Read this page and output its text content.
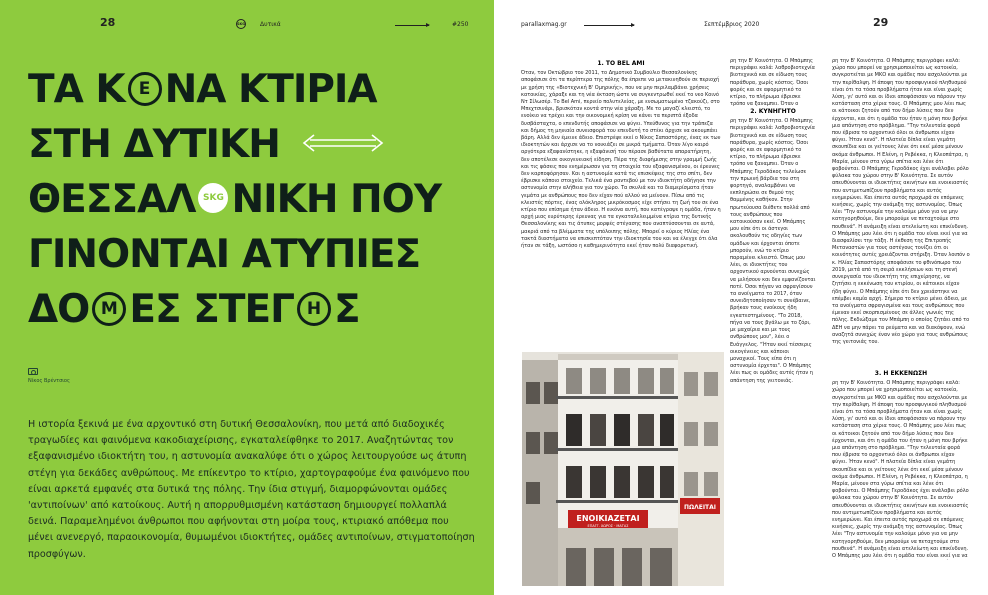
28	SKG Δυτικά	#250
ΤΑ Κ Ε ΝΑ ΚΤΙΡΙΑ
ΣΤΗ ΔΥΤΙΚΗ
ΘΕΣΣΑΛ SKG ΝΙΚΗ ΠΟΥ
ΓΙΝΟΝΤΑΙ ΑΤΥΠΙΕΣ
ΔΟ Μ ΕΣ ΣΤΕΓ Η Σ
Νίκος Βρέντσιος

Η ιστορία ξεκινά με ένα αρχοντικό στη δυτική Θεσσαλονίκη, που μετά από διαδοχικές τραγωδίες και φαινόμενα κακοδιαχείρισης, εγκαταλείφθηκε το 2017. Αναζητώντας τον εξαφανισμένο ιδιοκτήτη του, η αστυνομία ανακαλύφε ότι ο χώρος λειτουργούσε ως άτυπη στέγη για δεκάδες ανθρώπους. Με επίκεντρο το κτίριο, χαρτογραφούμε ένα φαινόμενο που είναι αρκετά εμφανές στα δυτικά της πόλης. Την ίδια στιγμή, διαμορφώνονται ομάδες 'αντιποίνων' από κατοίκους. Αυτή η απορρυθμισμένη κατάσταση δημιουργεί πολλαπλά δεινά. Παραμελημένοι άνθρωποι που αφήνονται στη μοίρα τους, κτιριακό απόθεμα που μένει ανενεργό, παραοικονομία, θυμωμένοι ιδιοκτήτες, ομάδες αντιποίνων, στιγματοποίηση προσφύγων.

parallaxmag.gr	Σεπτέμβριος 2020	29
1. ΤΟ BEL AMI

Όταν, τον Οκτώβριο του 2011, το Δημοτικό Συμβούλιο Θεσσαλονίκης αποφάσισε ότι τα περίπτερα της πόλης θα έπρεπε να μετακινηθούν σε περιοχή με χρήση της «Βιοτεχνική Β' Ομηρικής», που να μην περιλαμβάνει χρήσεις κατοικίας, χάραξε και τη νέα έκταση ώστε να συγκεντρωθεί εκεί το νεο Κοινό Ντ Σίλωσέρ. Το Bel Ami, περιείο πολυτελείας, με ενσωματωμένο τζακούζι, στο Μπεχτσινάρι, βρισκόταν κοντά στην νέα χάραξη. Με το μαγαζί κλειστό, το ενοίκιο να τρέχει και την οικονομική κρίση να κάνει τα περιπτά έξοδα δυσβάσταχτα, ο επενδυτής αποφάσισε να φύγει. Υπεύθυνος για την τράπεζα και δήμος τη μηνιαία συνεισφορά του επενδυτή το στέκι άρχισε να ακουμπάει βάρη. Αλλά δεν έμεινε άδειο. Επιστρέψε εκεί ο Νίκος Σαπαστόρης, ένας εκ των ιδιοκτητών και άρχισε να το νοικιάζει σε μικρά τμήματα. Όταν λίγο καιρό αργότερα εξαφανίστηκε, η εξαφάνισή του πέρασε βαθύτατα απαρατήρητη, δεν αποτέλεσε οικογενειακή είδηση. Πέρα της διαφήμισης στην γραμμή ζωής και τις φάσεις που ενημέρωσαν για τη στοιχεία του εξαφανισμένου, οι έρευνες δεν καρποφόρησαν. Και η αστυνομία κατά τις επισκέψεις της στο σπίτι, δεν έβρισκε κάποιο στοιχείο. Τελικά ένα ραντεβού με τον ιδιοκτήτη οδήγησε την αστυνομία στην αλήθεια για τον χώρο. Τα σκυλιά και τα διαμερίσματα ήταν γεμάτα με ανθρώπους που δεν είχαν πού αλλού να μείνουν. Πίσω από τις κλειστές πόρτες, ένας ολόκληρος μικρόκοσμος είχε στήσει τη ζωή του σε ένα κτίριο που επίσημα ήταν άδειο. Η εικόνα αυτή, που κατέγραψε η ομάδα, ήταν η αρχή μιας ευρύτερης έρευνας για τα εγκαταλελειμμένα κτίρια της δυτικής Θεσσαλονίκης και τις άτυπες μορφές στέγασης που αναπτύσσονται σε αυτά, μακριά από τα βλέμματα της υπόλοιπης πόλης. Μπορεί ο κύριος Ηλίας ένα τακτά διαστήματα να επισκεπτόταν την ιδιοκτησία του και να έλεγχε ότι όλα ήταν σε τάξη, ωστόσο η καθημερινότητα εκεί ήταν πολύ διαφορετική.

ρη την Β' Κοινότητα. Ο Μπάμπης περιγράφει καλά: λαθροβιοτεχνία βιοτεχνικά και σε είδωση τους παράθυρα, χωρίς κόστος. Όσοι φορές και σε αφορμητικό το κτίριο, το πλήρωμα έβρισκε τρόπο να ξαναμπει. Όταν ο

2. ΚΥΝΗΓΗΤΟ

ρη την Β' Κοινότητα. Ο Μπάμπης περιγράφει καλά: λαθροβιοτεχνία βιοτεχνικά και σε είδωση τους παράθυρα, χωρίς κόστος. Όσοι φορές και σε αφορμητικό το κτίριο, το πλήρωμα έβρισκε τρόπο να ξαναμπει. Όταν ο Μπάμπης Γεροδάκος τελείωσε την πρωινή βάρδια του στη φορτηγό, αναλαμβάνει να εκπληρώσει σε θεμού της θαμμένης καθήκον. Στην πρωτεύουσα διέθετε πολλά από τους ανθρώπους που κατοικούσαν εκεί. Ο Μπάμπης μου είπε ότι οι άστεγοι ακολουθούν τις οδηγίες των ομάδων και έρχονται όποτε μπορούν, ενώ το κτίριο παραμένει κλειστό. Όπως μου λέει, οι ιδιοκτήτες του αρχοντικού αρνούνται συνεχώς να μιλήσουν και δεν εμφανίζονται ποτέ. Όσοι πήγαν να σφραγίσουν τα ανοίγματα το 2017, όταν συνειδητοποίησαν τι συνέβαινε, βρήκαν τους ενοίκους ήδη εγκατεστημένους. "Το 2018, πήγα να τους βγάλω με το ζόρι, με μαχαίρια και με τους ανθρώπους μου", λέει ο Ευάγγελος. "Ήταν εκεί τέσσερις οικογένειες και κάποιοι μοναχικοί. Τους είπα ότι η αστυνομία έρχεται". Ο Μπάμπης λέει πως οι ομάδες αυτές ήταν η απάντηση της γειτονιάς.

ρη την Β' Κοινότητα. Ο Μπάμπης περιγράφει καλά: χώρο που μπορεί να χρησιμοποιείται ως κατοικία, συγκροτείται με ΜΚΟ και ομάδες που ασχολούνται με την περίθαλψη. Η άποψη του προσφυγικού πληθυσμού είναι ότι τα τόσα προβλήματα ήταν και είναι χωρίς λύση, γι' αυτό και οι ίδιοι αποφάσισαν να πάρουν την κατάσταση στα χέρια τους. Ο Μπάμπης μου λέει πως οι κάτοικοι ζητούν από τον δήμο λύσεις που δεν έρχονται, και ότι η ομάδα του ήταν η μόνη που βρήκε μια απάντηση στο πρόβλημα. "Την τελευταία φορά που έβρισα το αρχοντικό όλοι οι άνθρωποι είχαν φύγει. Ήταν κενό". Η πλατεία δίπλα είναι γεμάτη σκουπίδια και οι γείτονες λένε ότι εκεί μέσα μένουν ακόμα άνθρωποι. Η Ελένη, η Ρεβέκκα, η Κλεοπάτρα, η Μαρία, μένουν στα γύρω σπίτια και λένε ότι φοβούνται. Ο Μπάμπης Γεροδάκος έχει ανάλαβει ρόλο φύλακα του χώρου στην Β' Κοινότητα. Σε αυτόν απευθύνονται οι ιδιοκτήτες ακινήτων και ενοικιαστές που αντιμετωπίζουν προβλήματα και αυτός ενημερώνει. Και έπειτα αυτός προχωρά σε επόμενες κινήσεις, χωρίς την ανάμιξη της αστυνομίας. Όπως λέει "Την αστυνομία την καλούμε μόνο για να μην κατηγορηθούμε, δεν μπορούμε να πεταχτούμε στο πουθενά". Η ανάμειξη είναι ατελείωτη και επικίνδυνη. Ο Μπάμπης μου λέει ότι η ομάδα του είναι εκεί για να διασφαλίσει την τάξη. Η έκθεση της Επιτροπής Μεταναστών για τους αστέγους τονίζει ότι οι κοινότητες αυτές χρειάζονται στήριξη. Όταν λοιπόν ο κ. Ηλίας Σαπαστόρης αποφάσισε το φθινόπωρο του 2019, μετά από τη σειρά εκκλήσεων και τη στενή συνεργασία του ιδιοκτήτη της επιχείρησης, να ζητήσει η εκκένωση του κτιρίου, οι κάτοικοι είχαν ήδη φύγει. Ο Μπάμπης είπε ότι δεν χρειάστηκε να επέμβει καμία αρχή. Σήμερα το κτίριο μένει άδειο, με τα ανοίγματα σφραγισμένα και τους ανθρώπους που έμεναν εκεί σκορπισμένους σε άλλες γωνιές της πόλης. Εκδιώξαμε τον Μπάμπη ο οποίος ζητάει από το ΔΕΗ να μην πάρει τα ρεύματα και να διακόψουν, ενώ αναζητά συνεχώς έναν νέο χώρο για τους ανθρώπους της γειτονιάς του.

3. Η ΕΚΚΕΝΩΣΗ

ρη την Β' Κοινότητα. Ο Μπάμπης περιγράφει καλά: χώρο που μπορεί να χρησιμοποιείται ως κατοικία, συγκροτείται με ΜΚΟ και ομάδες που ασχολούνται με την περίθαλψη. Η άποψη του προσφυγικού πληθυσμού είναι ότι τα τόσα προβλήματα ήταν και είναι χωρίς λύση, γι' αυτό και οι ίδιοι αποφάσισαν να πάρουν την κατάσταση στα χέρια τους. Ο Μπάμπης μου λέει πως οι κάτοικοι ζητούν από τον δήμο λύσεις που δεν έρχονται, και ότι η ομάδα του ήταν η μόνη που βρήκε μια απάντηση στο πρόβλημα. "Την τελευταία φορά που έβρισα το αρχοντικό όλοι οι άνθρωποι είχαν φύγει. Ήταν κενό". Η πλατεία δίπλα είναι γεμάτη σκουπίδια και οι γείτονες λένε ότι εκεί μέσα μένουν ακόμα άνθρωποι. Η Ελένη, η Ρεβέκκα, η Κλεοπάτρα, η Μαρία, μένουν στα γύρω σπίτια και λένε ότι φοβούνται. Ο Μπάμπης Γεροδάκος έχει ανάλαβει ρόλο φύλακα του χώρου στην Β' Κοινότητα. Σε αυτόν απευθύνονται οι ιδιοκτήτες ακινήτων και ενοικιαστές που αντιμετωπίζουν προβλήματα και αυτός ενημερώνει. Και έπειτα αυτός προχωρά σε επόμενες κινήσεις, χωρίς την ανάμιξη της αστυνομίας. Όπως λέει "Την αστυνομία την καλούμε μόνο για να μην κατηγορηθούμε, δεν μπορούμε να πεταχτούμε στο πουθενά". Η ανάμειξη είναι ατελείωτη και επικίνδυνη. Ο Μπάμπης μου λέει ότι η ομάδα του είναι εκεί για να

ΕΝΟΙΚΙΑΖΕΤΑΙ
ΕΠΑΓΓ. ΧΩΡΟΣ · ΜΑΤΑΣ
ΠΩΛΕΙΤΑΙ
